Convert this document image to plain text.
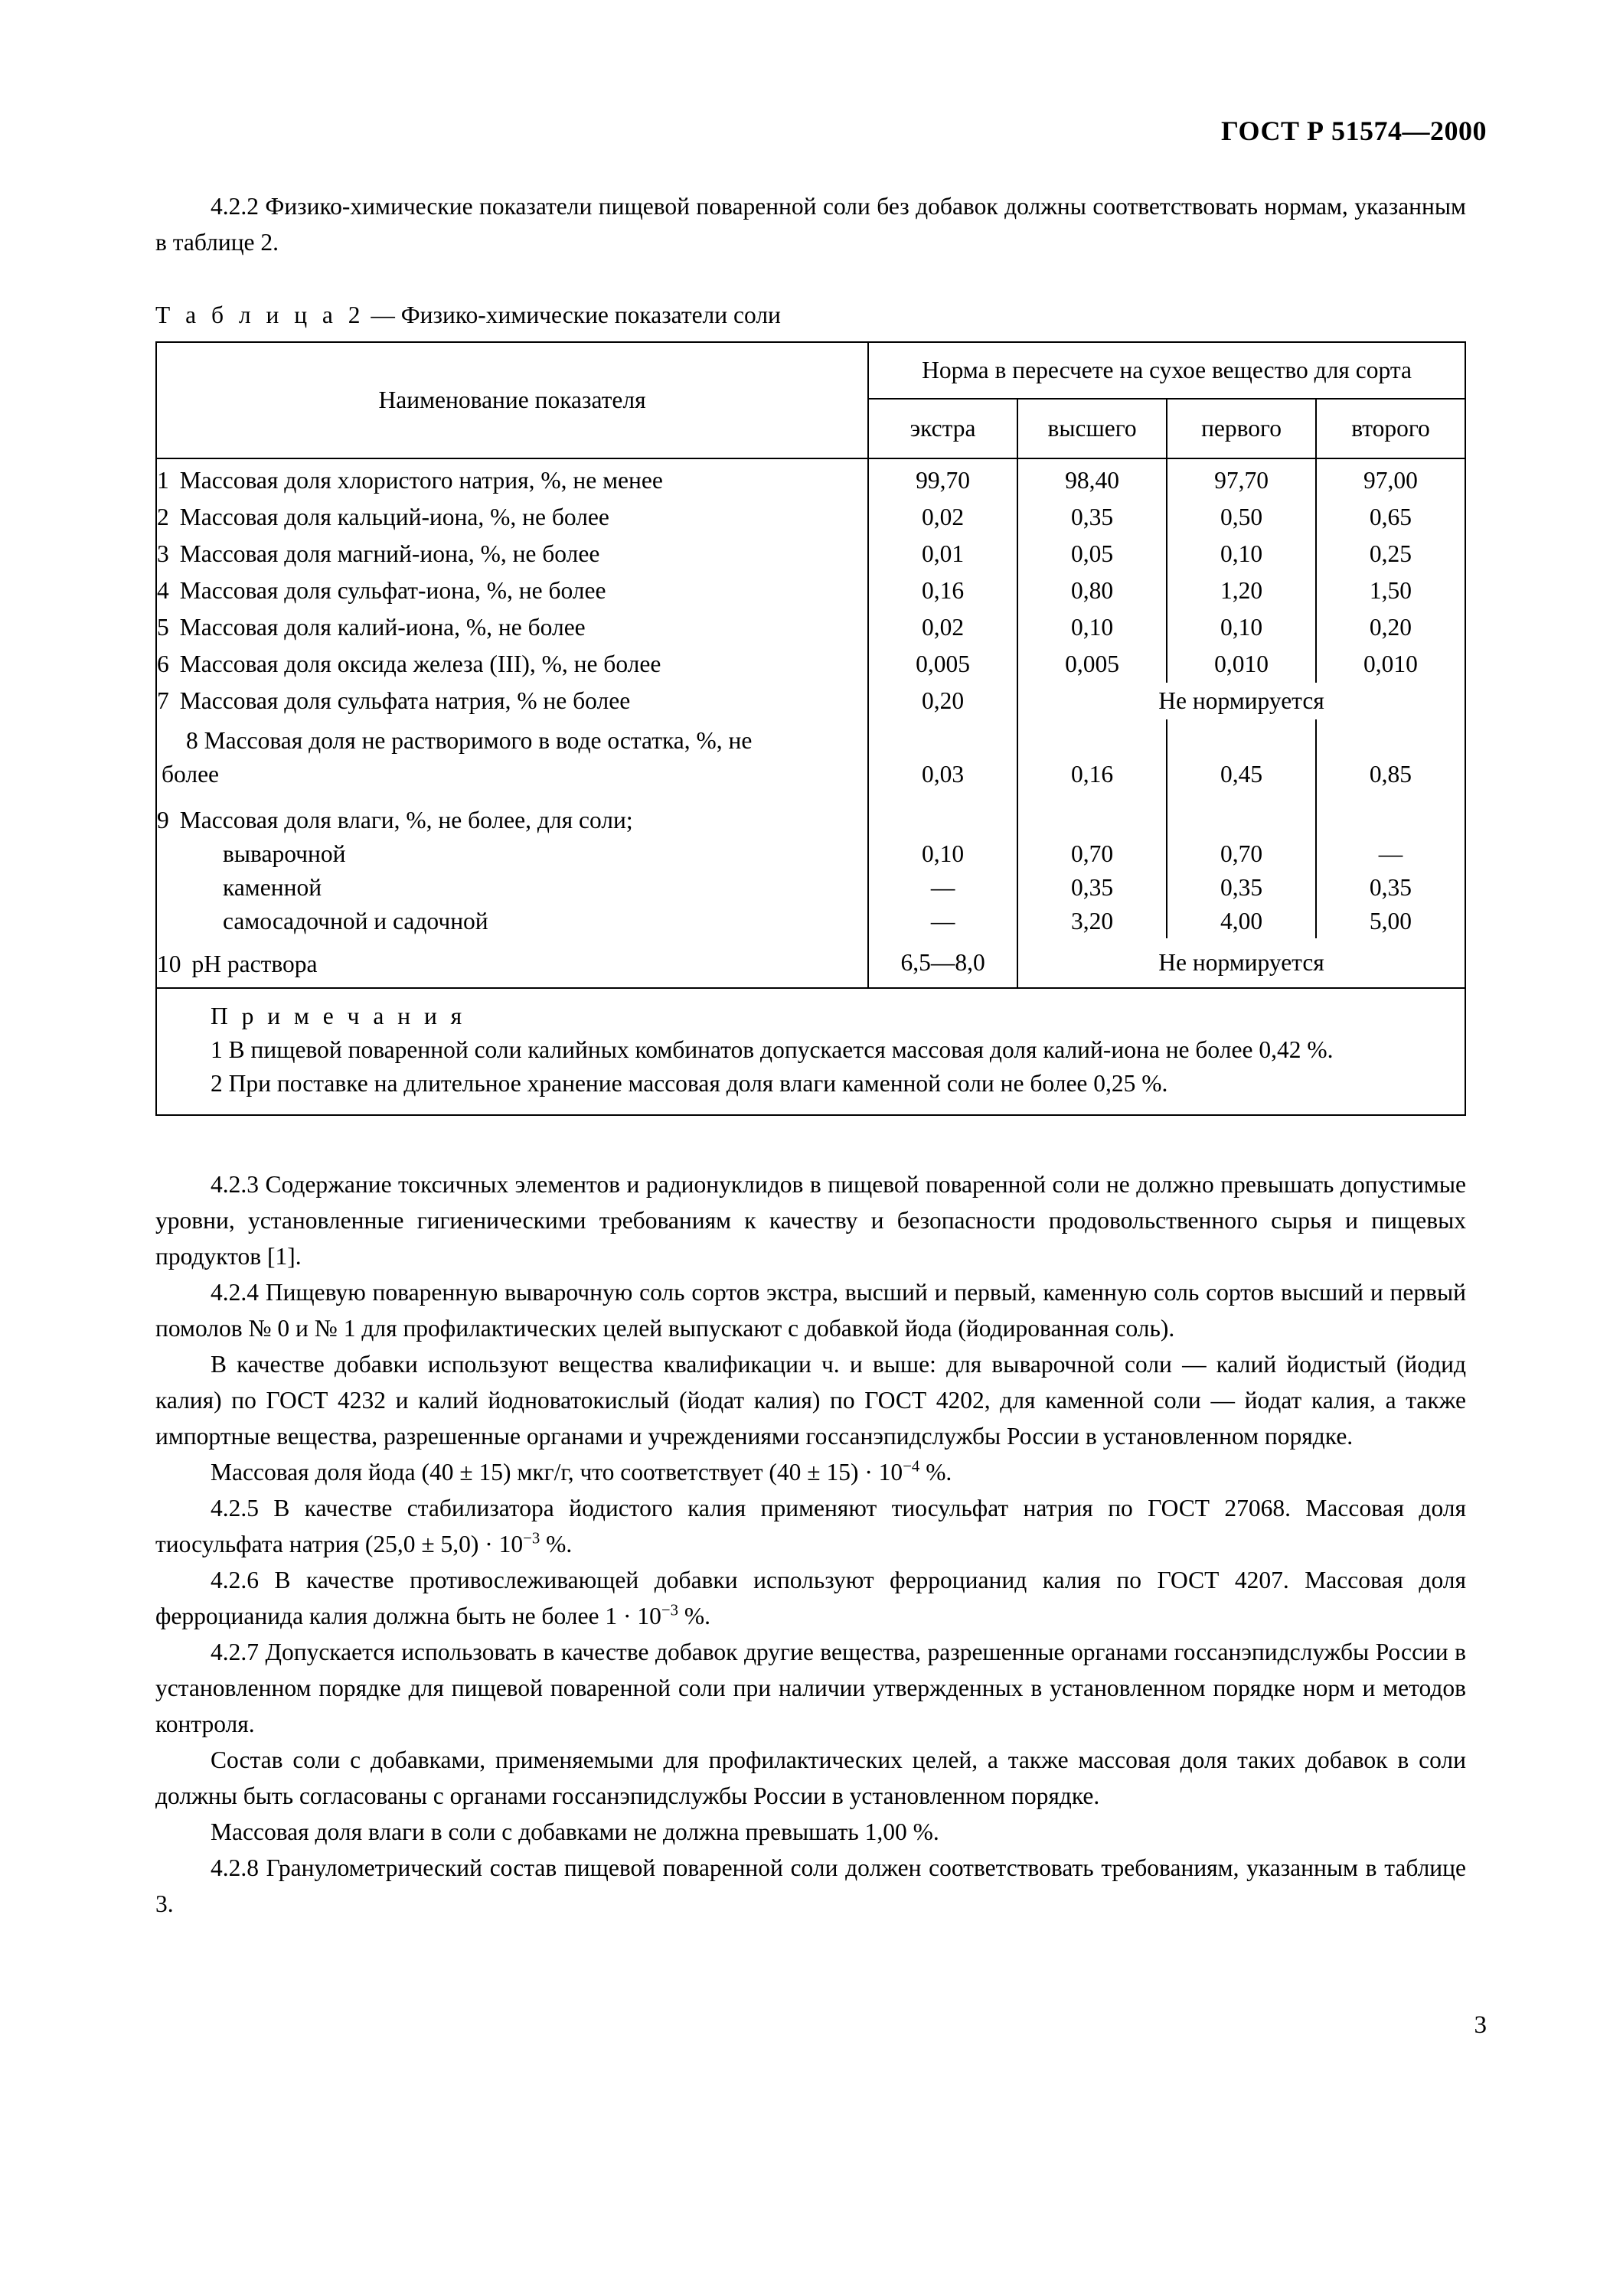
ГОСТ Р 51574—2000

4.2.2 Физико-химические показатели пищевой поваренной соли без добавок должны соответствовать нормам, указанным в таблице 2.

Т а б л и ц а 2 — Физико-химические показатели соли
Наименование показателя	Норма в пересчете на сухое вещество для сорта			
	экстра	высшего	первого	второго

1 Массовая доля хлористого натрия, %, не менее	99,70	98,40	97,70	97,00
2 Массовая доля кальций-иона, %, не более	0,02	0,35	0,50	0,65
3 Массовая доля магний-иона, %, не более	0,01	0,05	0,10	0,25
4 Массовая доля сульфат-иона, %, не более	0,16	0,80	1,20	1,50
5 Массовая доля калий-иона, %, не более	0,02	0,10	0,10	0,20
6 Массовая доля оксида железа (III), %, не более	0,005	0,005	0,010	0,010
7 Массовая доля сульфата натрия, % не более	0,20	Не нормируется		

8 Массовая доля не растворимого в воде остатка, %, не
более	0,03	0,16	0,45	0,85
9 Массовая доля влаги, %, не более, для соли;				
выварочной	0,10	0,70	0,70	—
каменной	—	0,35	0,35	0,35
самосадочной и садочной	—	3,20	4,00	5,00
10 pH раствора	6,5—8,0	Не нормируется		

П р и м е ч а н и я
1 В пищевой поваренной соли калийных комбинатов допускается массовая доля калий-иона не более 0,42 %.
2 При поставке на длительное хранение массовая доля влаги каменной соли не более 0,25 %.				

4.2.3 Содержание токсичных элементов и радионуклидов в пищевой поваренной соли не должно превышать допустимые уровни, установленные гигиеническими требованиям к качеству и безопасности продовольственного сырья и пищевых продуктов [1].

4.2.4 Пищевую поваренную выварочную соль сортов экстра, высший и первый, каменную соль сортов высший и первый помолов № 0 и № 1 для профилактических целей выпускают с добавкой йода (йодированная соль).

В качестве добавки используют вещества квалификации ч. и выше: для выварочной соли — калий йодистый (йодид калия) по ГОСТ 4232 и калий йодноватокислый (йодат калия) по ГОСТ 4202, для каменной соли — йодат калия, а также импортные вещества, разрешенные органами и учреждениями госсанэпидслужбы России в установленном порядке.

Массовая доля йода (40 ± 15) мкг/г, что соответствует $(40 \pm 15) \cdot 10^{-4}$ %.

4.2.5 В качестве стабилизатора йодистого калия применяют тиосульфат натрия по ГОСТ 27068. Массовая доля тиосульфата натрия $(25,0 \pm 5,0) \cdot 10^{-3}$ %.

4.2.6 В качестве противослеживающей добавки используют ферроцианид калия по ГОСТ 4207. Массовая доля ферроцианида калия должна быть не более $1 \cdot 10^{-3}$ %.

4.2.7 Допускается использовать в качестве добавок другие вещества, разрешенные органами госсанэпидслужбы России в установленном порядке для пищевой поваренной соли при наличии утвержденных в установленном порядке норм и методов контроля.

Состав соли с добавками, применяемыми для профилактических целей, а также массовая доля таких добавок в соли должны быть согласованы с органами госсанэпидслужбы России в установленном порядке.

Массовая доля влаги в соли с добавками не должна превышать 1,00 %.

4.2.8 Гранулометрический состав пищевой поваренной соли должен соответствовать требованиям, указанным в таблице 3.

3
